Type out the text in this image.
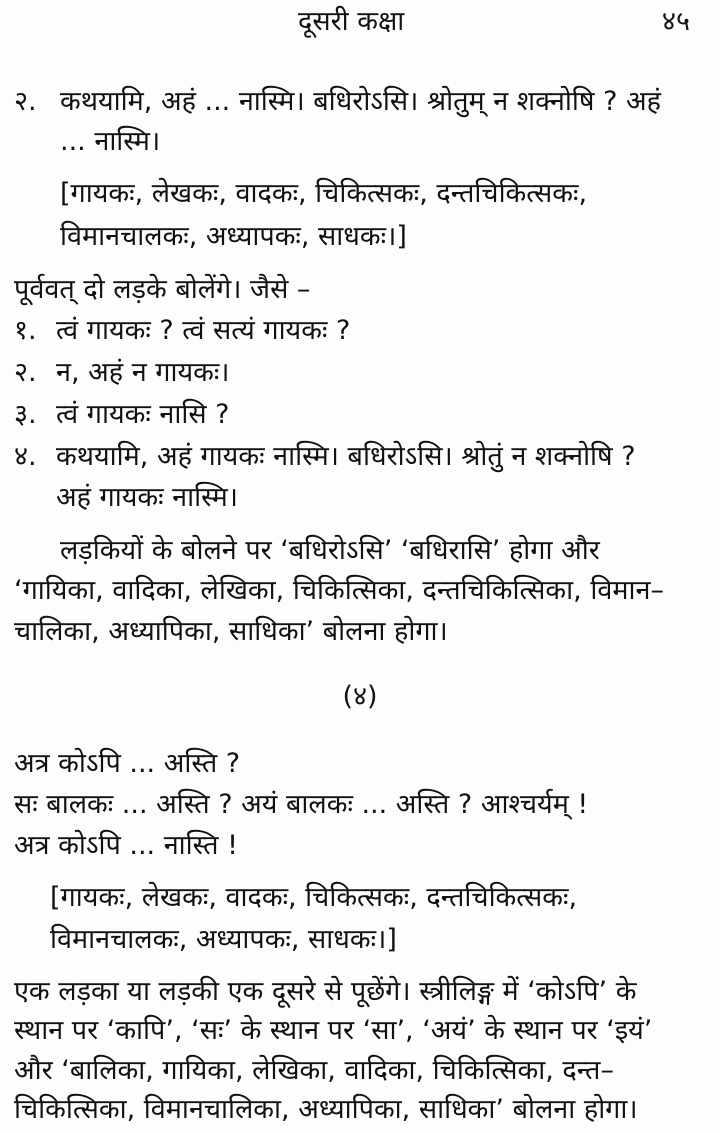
दूसरी कक्षा	४५
२. कथयामि, अहं ... नास्मि। बधिरोऽसि। श्रोतुम् न शक्नोषि ? अहं
... नास्मि।
[गायकः, लेखकः, वादकः, चिकित्सकः, दन्तचिकित्सकः,
विमानचालकः, अध्यापकः, साधकः।]
पूर्ववत् दो लड़के बोलेंगे। जैसे –
१. त्वं गायकः ? त्वं सत्यं गायकः ?
२. न, अहं न गायकः।
३. त्वं गायकः नासि ?
४. कथयामि, अहं गायकः नास्मि। बधिरोऽसि। श्रोतुं न शक्नोषि ?
अहं गायकः नास्मि।
लड़कियों के बोलने पर ‘बधिरोऽसि’ ‘बधिरासि’ होगा और
‘गायिका, वादिका, लेखिका, चिकित्सिका, दन्तचिकित्सिका, विमान–
चालिका, अध्यापिका, साधिका’ बोलना होगा।
(४)
अत्र कोऽपि ... अस्ति ?
सः बालकः ... अस्ति ? अयं बालकः ... अस्ति ? आश्चर्यम् !
अत्र कोऽपि ... नास्ति !
[गायकः, लेखकः, वादकः, चिकित्सकः, दन्तचिकित्सकः,
विमानचालकः, अध्यापकः, साधकः।]
एक लड़का या लड़की एक दूसरे से पूछेंगे। स्त्रीलिङ्ग में ‘कोऽपि’ के
स्थान पर ‘कापि’, ‘सः’ के स्थान पर ‘सा’, ‘अयं’ के स्थान पर ‘इयं’
और ‘बालिका, गायिका, लेखिका, वादिका, चिकित्सिका, दन्त–
चिकित्सिका, विमानचालिका, अध्यापिका, साधिका’ बोलना होगा।
